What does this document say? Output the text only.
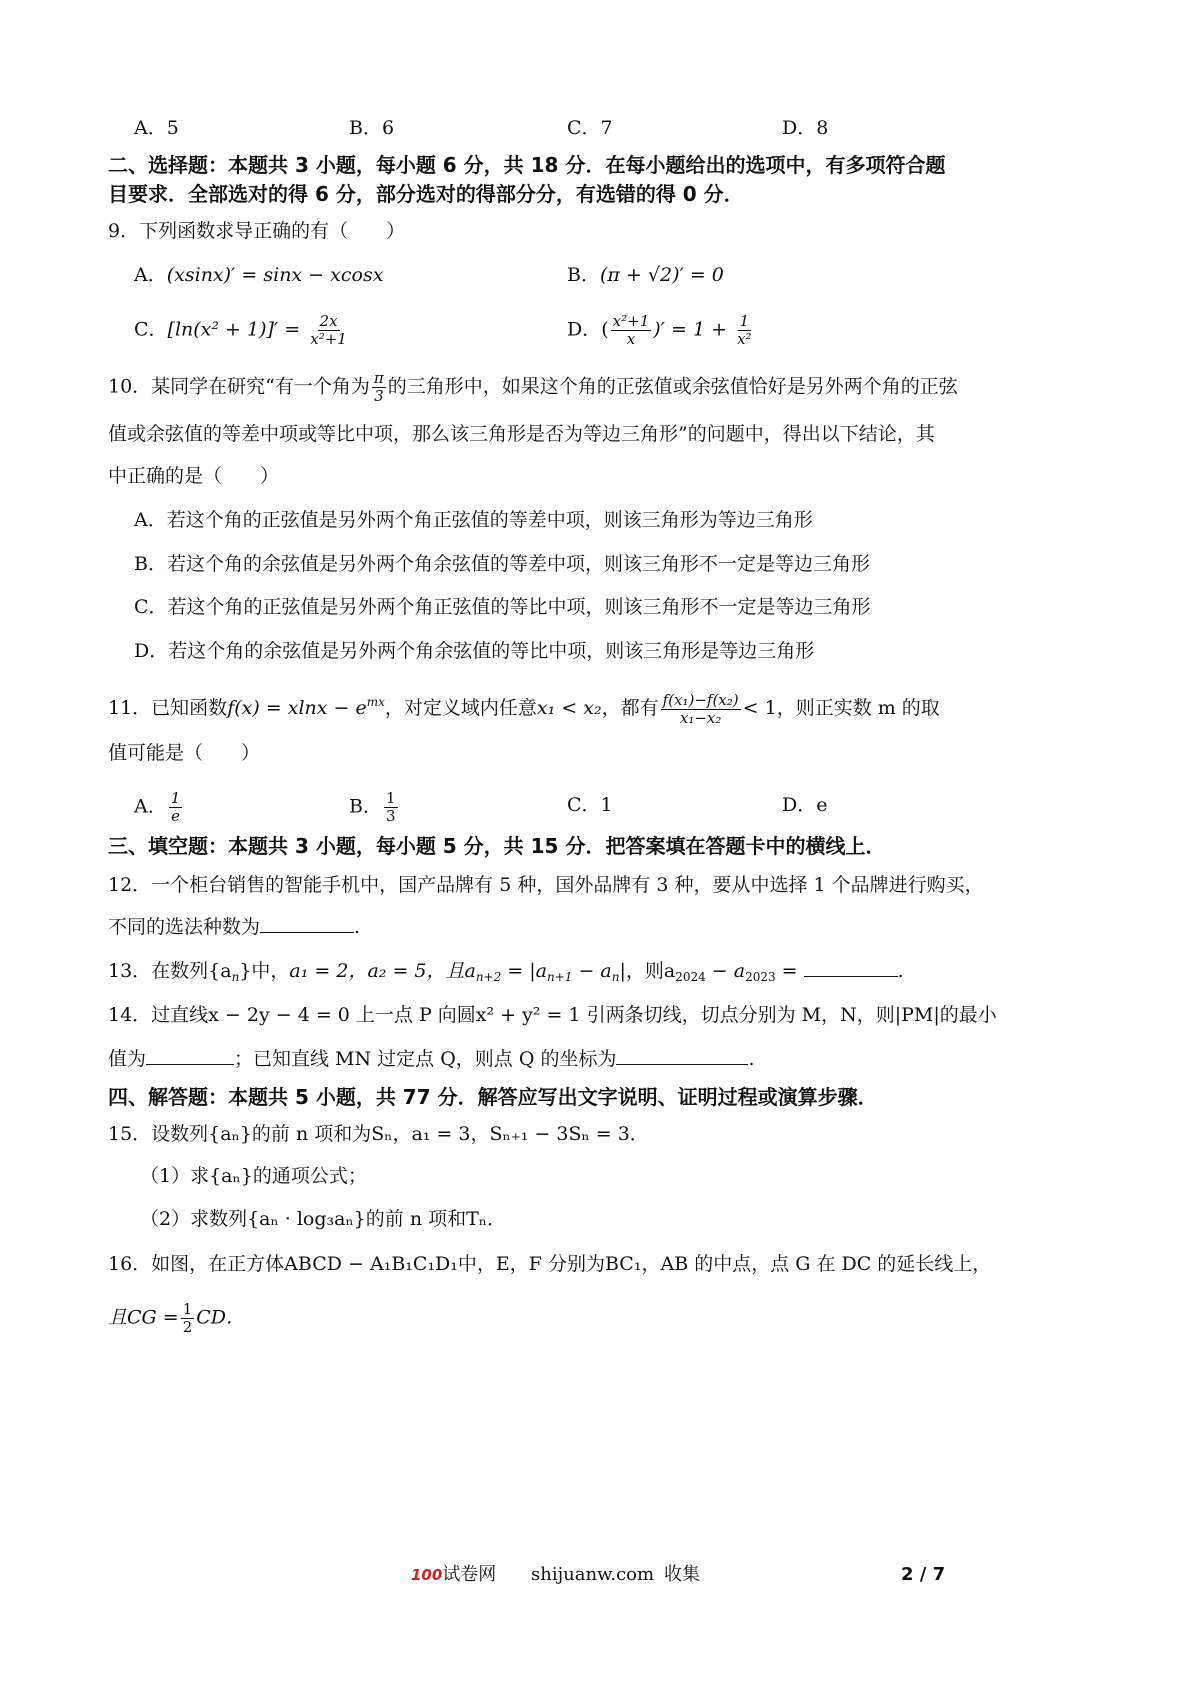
A．5	B．6	C．7	D．8
二、选择题：本题共 3 小题，每小题 6 分，共 18 分．在每小题给出的选项中，有多项符合题
目要求．全部选对的得 6 分，部分选对的得部分分，有选错的得 0 分．
9．下列函数求导正确的有（　　）
A．(xsinx)′ = sinx − xcosx	B．(π + √2)′ = 0
C．$[\ln(x^2 + 1)]' = \frac{2x}{\text{x²+1}}$	D．( $\frac{\text{x²+1}}{x}$ )′ = $1 + \frac{1}{\text{x²}}$
10．某同学在研究“有一个角为 $\frac{\pi}{3}$ 的三角形中，如果这个角的正弦值或余弦值恰好是另外两个角的正弦
值或余弦值的等差中项或等比中项，那么该三角形是否为等边三角形”的问题中，得出以下结论，其
中正确的是（　　）
A．若这个角的正弦值是另外两个角正弦值的等差中项，则该三角形为等边三角形
B．若这个角的余弦值是另外两个角余弦值的等差中项，则该三角形不一定是等边三角形
C．若这个角的正弦值是另外两个角正弦值的等比中项，则该三角形不一定是等边三角形
D．若这个角的余弦值是另外两个角余弦值的等比中项，则该三角形是等边三角形
11．已知函数$f(x) = xlnx - e^{mx}$，对定义域内任意x₁ < x₂，都有 $\frac{\text{f(x₁)−f(x₂)}}{\text{x₁−x₂}} < 1$，则正实数 m 的取
值可能是（　　）
A． $\frac{1}{e}$	B． $\frac{1}{3}$	C．1	D．e
三、填空题：本题共 3 小题，每小题 5 分，共 15 分．把答案填在答题卡中的横线上．
12．一个柜台销售的智能手机中，国产品牌有 5 种，国外品牌有 3 种，要从中选择 1 个品牌进行购买，
不同的选法种数为	.
13．在数列$\{a_n\}$中，a₁ = 2，a₂ = 5，且$a_{n+2} = |a_{n+1} - a_n|$，则$a_{2024} - a_{2023}$ =	.
14．过直线x − 2y − 4 = 0 上一点 P 向圆x² + y² = 1 引两条切线，切点分别为 M，N，则|PM|的最小
值为	；已知直线 MN 过定点 Q，则点 Q 的坐标为	.
四、解答题：本题共 5 小题，共 77 分．解答应写出文字说明、证明过程或演算步骤．
15．设数列{aₙ}的前 n 项和为Sₙ，a₁ = 3，Sₙ₊₁ − 3Sₙ = 3．
（1）求{aₙ}的通项公式；
（2）求数列{aₙ · log₃aₙ}的前 n 项和Tₙ．
16．如图，在正方体ABCD − A₁B₁C₁D₁中，E，F 分别为BC₁，AB 的中点，点 G 在 DC 的延长线上，
且CG = $\frac{1}{2}$ CD．
100试卷网 shijuanw.com 收集	2 / 7
